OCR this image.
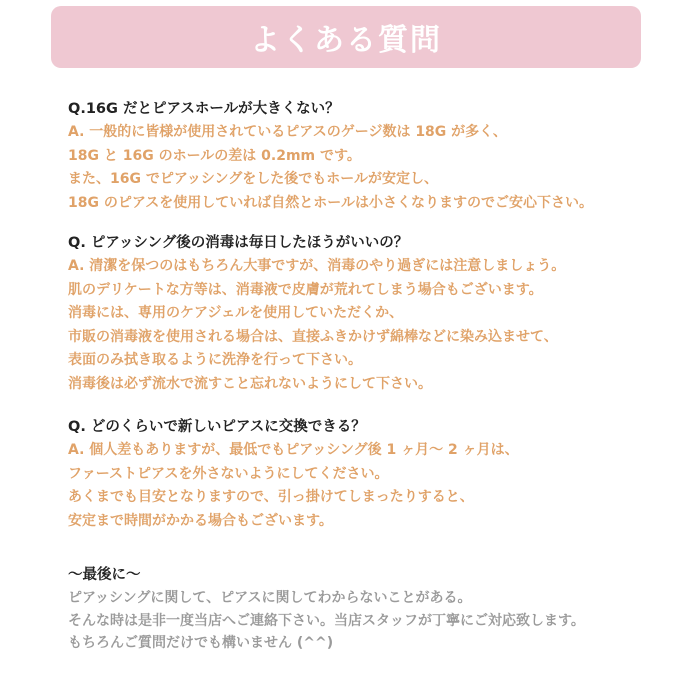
よくある質問
Q.16G だとピアスホールが大きくない？
A. 一般的に皆様が使用されているピアスのゲージ数は 18G が多く、
18G と 16G のホールの差は 0.2mm です。
また、16G でピアッシングをした後でもホールが安定し、
18G のピアスを使用していれば自然とホールは小さくなりますのでご安心下さい。
Q. ピアッシング後の消毒は毎日したほうがいいの？
A. 清潔を保つのはもちろん大事ですが、消毒のやり過ぎには注意しましょう。
肌のデリケートな方等は、消毒液で皮膚が荒れてしまう場合もございます。
消毒には、専用のケアジェルを使用していただくか、
市販の消毒液を使用される場合は、直接ふきかけず綿棒などに染み込ませて、
表面のみ拭き取るように洗浄を行って下さい。
消毒後は必ず流水で流すこと忘れないようにして下さい。
Q. どのくらいで新しいピアスに交換できる？
A. 個人差もありますが、最低でもピアッシング後 1 ヶ月～ 2 ヶ月は、
ファーストピアスを外さないようにしてください。
あくまでも目安となりますので、引っ掛けてしまったりすると、
安定まで時間がかかる場合もございます。
～最後に～
ピアッシングに関して、ピアスに関してわからないことがある。
そんな時は是非一度当店へご連絡下さい。当店スタッフが丁寧にご対応致します。
もちろんご質問だけでも構いません (^^)
